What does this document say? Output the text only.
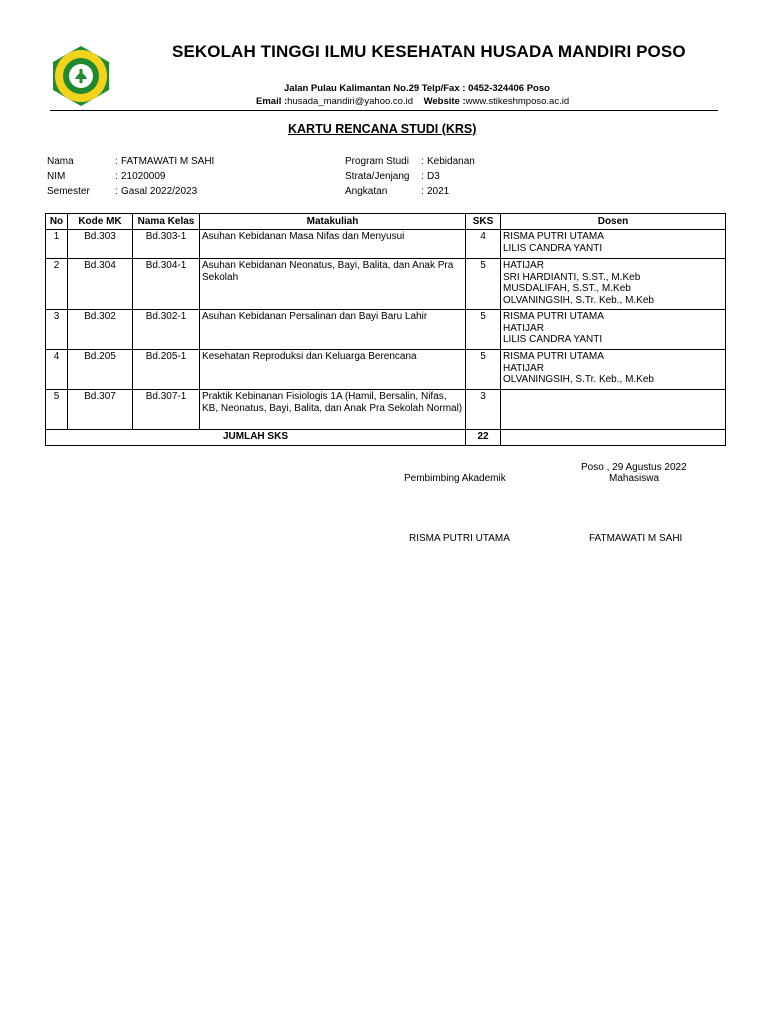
SEKOLAH TINGGI ILMU KESEHATAN HUSADA MANDIRI POSO
Jalan Pulau Kalimantan No.29 Telp/Fax : 0452-324406 Poso
Email :husada_mandiri@yahoo.co.id Website :www.stikeshmposo.ac.id
KARTU RENCANA STUDI (KRS)
Nama	: FATMAWATI M SAHI
NIM	: 21020009
Semester	: Gasal 2022/2023
Program Studi : Kebidanan
Strata/Jenjang : D3
Angkatan	: 2021
No	Kode MK	Nama Kelas	Matakuliah	SKS	Dosen
1	Bd.303	Bd.303-1	Asuhan Kebidanan Masa Nifas dan Menyusui	4	RISMA PUTRI UTAMA
LILIS CANDRA YANTI

2	Bd.304	Bd.304-1	Asuhan Kebidanan Neonatus, Bayi, Balita, dan Anak Pra Sekolah	5	HATIJAR
SRI HARDIANTI, S.ST., M.Keb
MUSDALIFAH, S.ST., M.Keb
OLVANINGSIH, S.Tr. Keb., M.Keb

3	Bd.302	Bd.302-1	Asuhan Kebidanan Persalinan dan Bayi Baru Lahir	5	RISMA PUTRI UTAMA
HATIJAR
LILIS CANDRA YANTI

4	Bd.205	Bd.205-1	Kesehatan Reproduksi dan Keluarga Berencana	5	RISMA PUTRI UTAMA
HATIJAR
OLVANINGSIH, S.Tr. Keb., M.Keb

5	Bd.307	Bd.307-1	Praktik Kebinanan Fisiologis 1A (Hamil, Bersalin, Nifas, KB, Neonatus, Bayi, Balita, dan Anak Pra Sekolah Normal)	3	
JUMLAH SKS				22	
Poso , 29 Agustus 2022
Pembimbing Akademik	Mahasiswa
RISMA PUTRI UTAMA	FATMAWATI M SAHI
